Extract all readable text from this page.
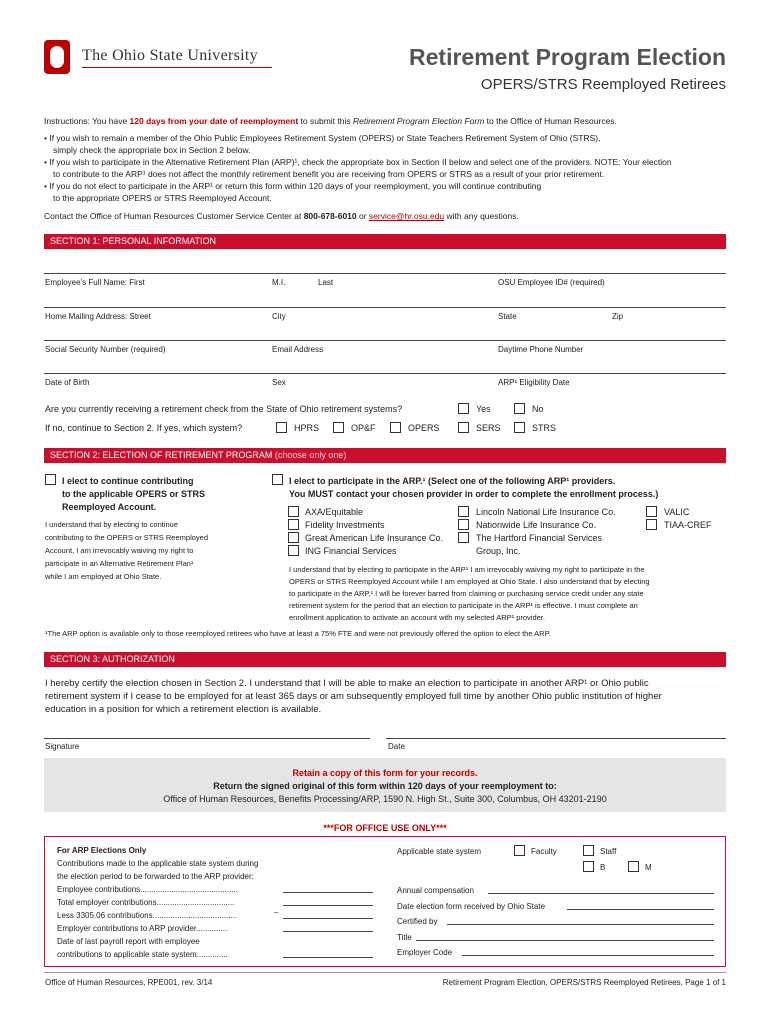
The Ohio State University	Retirement Program Election
OPERS/STRS Reemployed Retirees
Instructions: You have 120 days from your date of reemployment to submit this Retirement Program Election Form to the Office of Human Resources.
• If you wish to remain a member of the Ohio Public Employees Retirement System (OPERS) or State Teachers Retirement System of Ohio (STRS),
simply check the appropriate box in Section 2 below.
• If you wish to participate in the Alternative Retirement Plan (ARP)¹, check the appropriate box in Section II below and select one of the providers. NOTE: Your election
to contribute to the ARP¹ does not affect the monthly retirement benefit you are receiving from OPERS or STRS as a result of your prior retirement.
• If you do not elect to participate in the ARP¹ or return this form within 120 days of your reemployment, you will continue contributing
to the appropriate OPERS or STRS Reemployed Account.
Contact the Office of Human Resources Customer Service Center at 800-678-6010 or service@hr.osu.edu with any questions.
SECTION 1: PERSONAL INFORMATION
Employee's Full Name: First	M.I.	Last	OSU Employee ID# (required)
Home Mailing Address: Street	City	State	Zip
Social Security Number (required)	Email Address	Daytime Phone Number
Date of Birth	Sex	ARP¹ Eligibility Date
Are you currently receiving a retirement check from the State of Ohio retirement systems?	Yes	No
If no, continue to Section 2. If yes, which system?	HPRS	OP&F	OPERS	SERS	STRS
SECTION 2: ELECTION OF RETIREMENT PROGRAM (choose only one)
I elect to continue contributing
to the applicable OPERS or STRS
Reemployed Account.
I understand that by electing to continue
contributing to the OPERS or STRS Reemployed
Account, I am irrevocably waiving my right to
participate in an Alternative Retirement Plan¹
while I am employed at Ohio State.
I elect to participate in the ARP.¹ (Select one of the following ARP¹ providers.
You MUST contact your chosen provider in order to complete the enrollment process.)
AXA/Equitable
Fidelity Investments
Great American Life Insurance Co.
ING Financial Services
Lincoln National Life Insurance Co.
Nationwide Life Insurance Co.
The Hartford Financial Services
Group, Inc.
VALIC
TIAA-CREF
I understand that by electing to participate in the ARP¹ I am irrevocably waiving my right to participate in the
OPERS or STRS Reemployed Account while I am employed at Ohio State. I also understand that by electing
to participate in the ARP,¹ I will be forever barred from claiming or purchasing service credit under any state
retirement system for the period that an election to participate in the ARP¹ is effective. I must complete an
enrollment application to activate an account with my selected ARP¹ provider.
¹The ARP option is available only to those reemployed retirees who have at least a 75% FTE and were not previously offered the option to elect the ARP.
SECTION 3: AUTHORIZATION
I hereby certify the election chosen in Section 2. I understand that I will be able to make an election to participate in another ARP¹ or Ohio public
retirement system if I cease to be employed for at least 365 days or am subsequently employed full time by another Ohio public institution of higher
education in a position for which a retirement election is available.
Signature	Date
Retain a copy of this form for your records.
Return the signed original of this form within 120 days of your reemployment to:
Office of Human Resources, Benefits Processing/ARP, 1590 N. High St., Suite 300, Columbus, OH 43201-2190
***FOR OFFICE USE ONLY***
For ARP Elections Only
Contributions made to the applicable state system during
the election period to be forwarded to the ARP provider:
Employee contributions............................................
Total employer contributions...................................
Less 3305.06 contributions......................................
Employer contributions to ARP provider..............
Date of last payroll report with employee
contributions to applicable state system..............
–
Applicable state system	Faculty	Staff
B	M
Annual compensation
Date election form received by Ohio State
Certified by
Title
Employer Code
Office of Human Resources, RPE001, rev. 3/14	Retirement Program Election, OPERS/STRS Reemployed Retirees, Page 1 of 1
